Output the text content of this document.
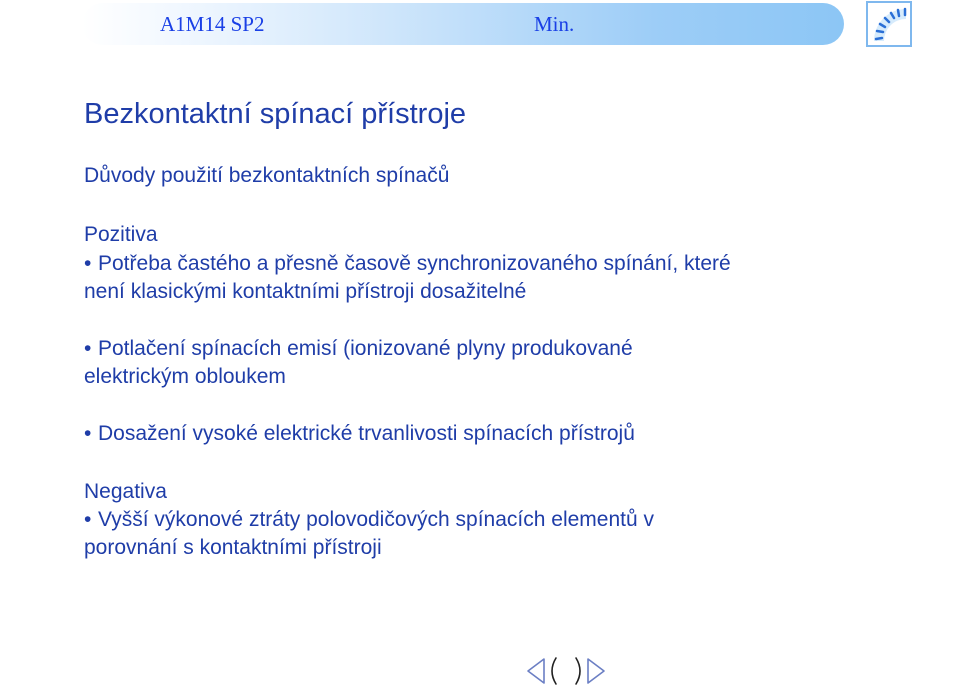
A1M14 SP2	Min.
Bezkontaktní spínací přístroje
Důvody použití bezkontaktních spínačů
Pozitiva
• Potřeba častého a přesně časově synchronizovaného spínání, které
není klasickými kontaktními přístroji dosažitelné
• Potlačení spínacích emisí (ionizované plyny produkované
elektrickým obloukem
• Dosažení vysoké elektrické trvanlivosti spínacích přístrojů
Negativa
• Vyšší výkonové ztráty polovodičových spínacích elementů v
porovnání s kontaktními přístroji
